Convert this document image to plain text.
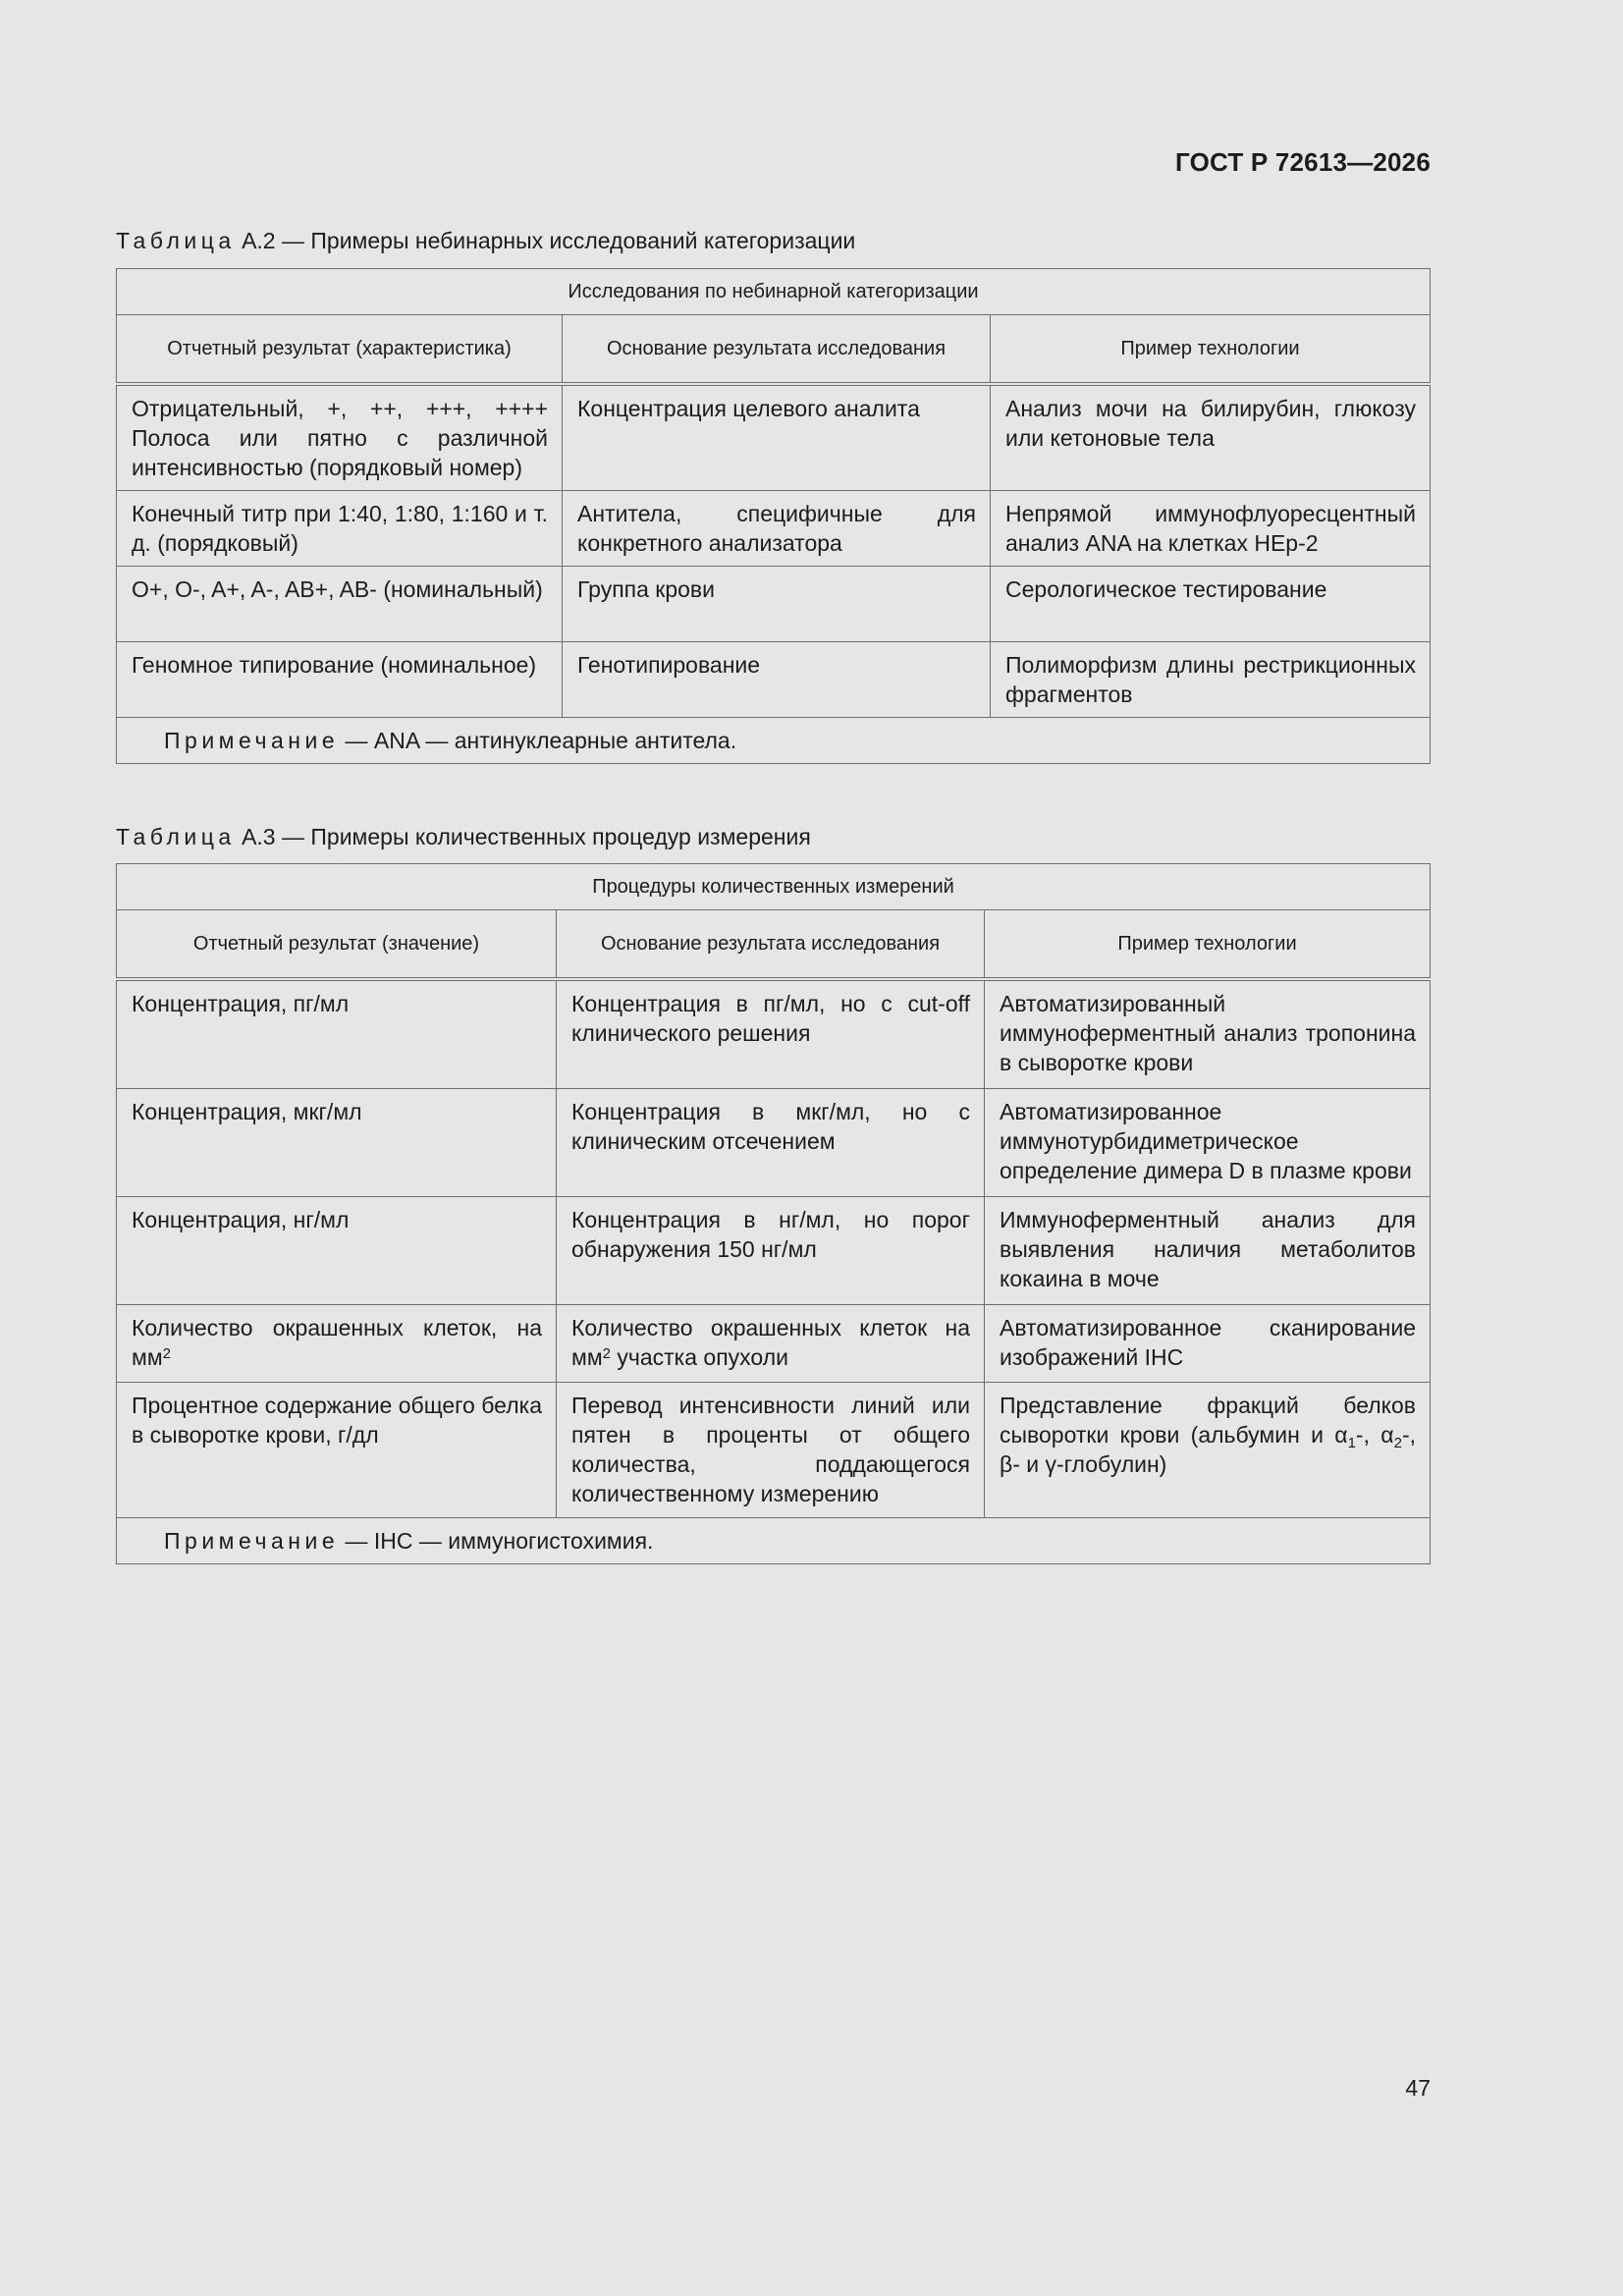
ГОСТ Р 72613—2026
Таблица А.2 — Примеры небинарных исследований категоризации
Исследования по небинарной категоризации		
Отчетный результат (характеристика)	Основание результата исследования	Пример технологии
Отрицательный, +, ++, +++, ++++ Полоса или пятно с различной интенсивностью (порядковый номер)	Концентрация целевого аналита	Анализ мочи на билирубин, глюкозу или кетоновые тела
Конечный титр при 1:40, 1:80, 1:160 и т. д. (порядковый)	Антитела, специфичные для конкретного анализатора	Непрямой иммунофлуоресцентный анализ ANA на клетках HEp-2
O+, O-, A+, A-, AB+, AB- (номинальный)	Группа крови	Серологическое тестирование
Геномное типирование (номинальное)	Генотипирование	Полиморфизм длины рестрикционных фрагментов
Примечание — ANA — антинуклеарные антитела.		
Таблица А.3 — Примеры количественных процедур измерения
Процедуры количественных измерений		
Отчетный результат (значение)	Основание результата исследования	Пример технологии
Концентрация, пг/мл	Концентрация в пг/мл, но с cut-off клинического решения	Автоматизированный иммуноферментный анализ тропонина в сыворотке крови
Концентрация, мкг/мл	Концентрация в мкг/мл, но с клиническим отсечением	Автоматизированное иммунотурбидиметрическое определение димера D в плазме крови
Концентрация, нг/мл	Концентрация в нг/мл, но порог обнаружения 150 нг/мл	Иммуноферментный анализ для выявления наличия метаболитов кокаина в моче
Количество окрашенных клеток, на $мм^2$	Количество окрашенных клеток на $мм^2$ участка опухоли	Автоматизированное сканирование изображений IHC
Процентное содержание общего белка в сыворотке крови, г/дл	Перевод интенсивности линий или пятен в проценты от общего количества, поддающегося количественному измерению	Представление фракций белков сыворотки крови (альбумин и $\alpha_1-$, $\alpha_2-$, β- и γ-глобулин)
Примечание — IHC — иммуногистохимия.		
47
